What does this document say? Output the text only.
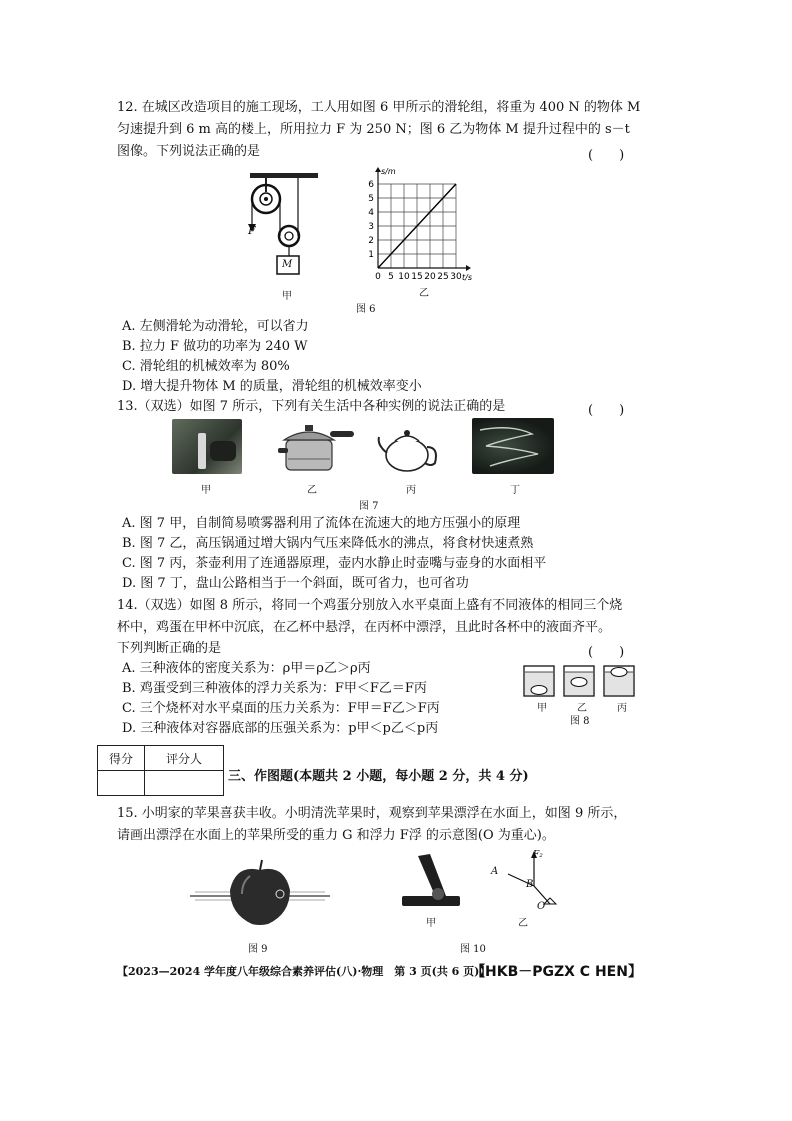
12. 在城区改造项目的施工现场，工人用如图 6 甲所示的滑轮组，将重为 400 N 的物体 M
匀速提升到 6 m 高的楼上，所用拉力 F 为 250 N；图 6 乙为物体 M 提升过程中的 s－t
图像。下列说法正确的是	(　　)
F
M
甲
1
2
3
4
5
6
0 5 10 15 20 25 30
s/m
t/s
乙
图 6
A. 左侧滑轮为动滑轮，可以省力
B. 拉力 F 做功的功率为 240 W
C. 滑轮组的机械效率为 80%
D. 增大提升物体 M 的质量，滑轮组的机械效率变小
13.（双选）如图 7 所示，下列有关生活中各种实例的说法正确的是	(　　)
甲	乙	丙	丁
图 7
A. 图 7 甲，自制简易喷雾器利用了流体在流速大的地方压强小的原理
B. 图 7 乙，高压锅通过增大锅内气压来降低水的沸点，将食材快速煮熟
C. 图 7 丙，茶壶利用了连通器原理，壶内水静止时壶嘴与壶身的水面相平
D. 图 7 丁，盘山公路相当于一个斜面，既可省力，也可省功
14.（双选）如图 8 所示，将同一个鸡蛋分别放入水平桌面上盛有不同液体的相同三个烧
杯中，鸡蛋在甲杯中沉底，在乙杯中悬浮，在丙杯中漂浮，且此时各杯中的液面齐平。
下列判断正确的是	(　　)
A. 三种液体的密度关系为：ρ甲＝ρ乙＞ρ丙
B. 鸡蛋受到三种液体的浮力关系为：F甲＜F乙＝F丙
C. 三个烧杯对水平桌面的压力关系为：F甲＝F乙＞F丙
D. 三种液体对容器底部的压强关系为：p甲＜p乙＜p丙
甲	乙	丙
图 8
得分	评分人

三、作图题(本题共 2 小题，每小题 2 分，共 4 分)
15. 小明家的苹果喜获丰收。小明清洗苹果时，观察到苹果漂浮在水面上，如图 9 所示，
请画出漂浮在水面上的苹果所受的重力 G 和浮力 F浮 的示意图(O 为重心)。
图 9
甲
F₂
A
B
O
乙
图 10
【2023—2024 学年度八年级综合素养评估(八)·物理　第 3 页(共 6 页)】
【HKB－PGZX C HEN】
